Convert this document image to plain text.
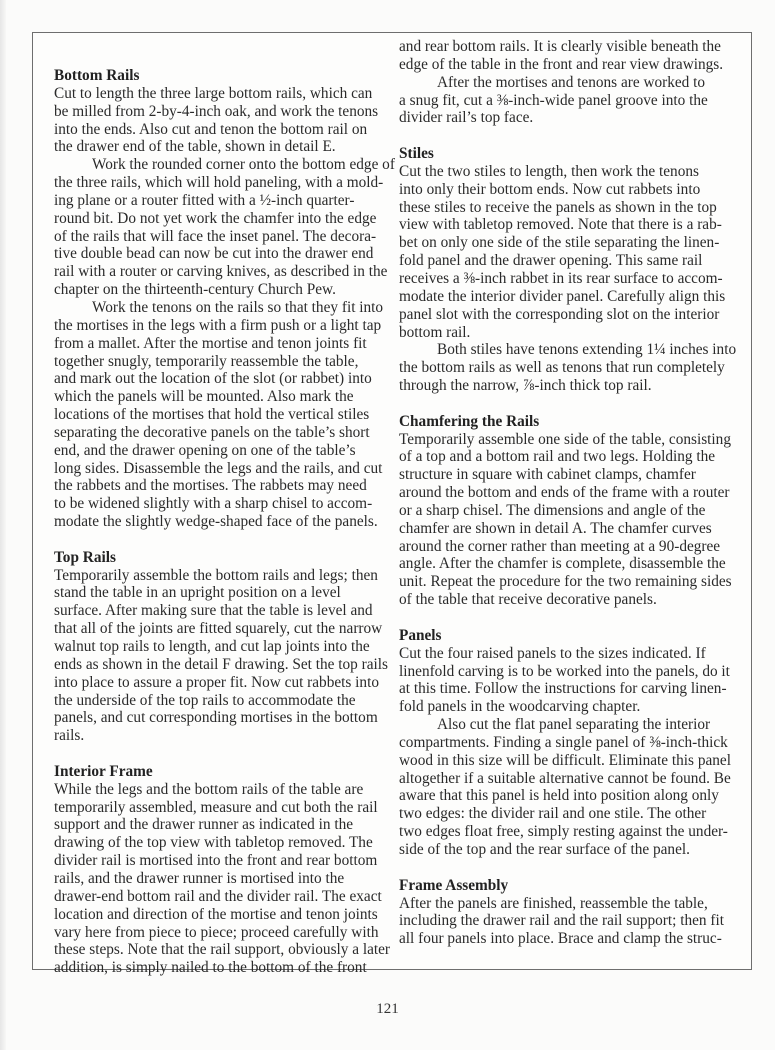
Bottom Rails
Cut to length the three large bottom rails, which can
be milled from 2-by-4-inch oak, and work the tenons
into the ends. Also cut and tenon the bottom rail on
the drawer end of the table, shown in detail E.
Work the rounded corner onto the bottom edge of
the three rails, which will hold paneling, with a mold-
ing plane or a router fitted with a ½-inch quarter-
round bit. Do not yet work the chamfer into the edge
of the rails that will face the inset panel. The decora-
tive double bead can now be cut into the drawer end
rail with a router or carving knives, as described in the
chapter on the thirteenth-century Church Pew.
Work the tenons on the rails so that they fit into
the mortises in the legs with a firm push or a light tap
from a mallet. After the mortise and tenon joints fit
together snugly, temporarily reassemble the table,
and mark out the location of the slot (or rabbet) into
which the panels will be mounted. Also mark the
locations of the mortises that hold the vertical stiles
separating the decorative panels on the table’s short
end, and the drawer opening on one of the table’s
long sides. Disassemble the legs and the rails, and cut
the rabbets and the mortises. The rabbets may need
to be widened slightly with a sharp chisel to accom-
modate the slightly wedge-shaped face of the panels.
Top Rails
Temporarily assemble the bottom rails and legs; then
stand the table in an upright position on a level
surface. After making sure that the table is level and
that all of the joints are fitted squarely, cut the narrow
walnut top rails to length, and cut lap joints into the
ends as shown in the detail F drawing. Set the top rails
into place to assure a proper fit. Now cut rabbets into
the underside of the top rails to accommodate the
panels, and cut corresponding mortises in the bottom
rails.
Interior Frame
While the legs and the bottom rails of the table are
temporarily assembled, measure and cut both the rail
support and the drawer runner as indicated in the
drawing of the top view with tabletop removed. The
divider rail is mortised into the front and rear bottom
rails, and the drawer runner is mortised into the
drawer-end bottom rail and the divider rail. The exact
location and direction of the mortise and tenon joints
vary here from piece to piece; proceed carefully with
these steps. Note that the rail support, obviously a later
addition, is simply nailed to the bottom of the front
and rear bottom rails. It is clearly visible beneath the
edge of the table in the front and rear view drawings.
After the mortises and tenons are worked to
a snug fit, cut a ⅜-inch-wide panel groove into the
divider rail’s top face.
Stiles
Cut the two stiles to length, then work the tenons
into only their bottom ends. Now cut rabbets into
these stiles to receive the panels as shown in the top
view with tabletop removed. Note that there is a rab-
bet on only one side of the stile separating the linen-
fold panel and the drawer opening. This same rail
receives a ⅜-inch rabbet in its rear surface to accom-
modate the interior divider panel. Carefully align this
panel slot with the corresponding slot on the interior
bottom rail.
Both stiles have tenons extending 1¼ inches into
the bottom rails as well as tenons that run completely
through the narrow, ⅞-inch thick top rail.
Chamfering the Rails
Temporarily assemble one side of the table, consisting
of a top and a bottom rail and two legs. Holding the
structure in square with cabinet clamps, chamfer
around the bottom and ends of the frame with a router
or a sharp chisel. The dimensions and angle of the
chamfer are shown in detail A. The chamfer curves
around the corner rather than meeting at a 90-degree
angle. After the chamfer is complete, disassemble the
unit. Repeat the procedure for the two remaining sides
of the table that receive decorative panels.
Panels
Cut the four raised panels to the sizes indicated. If
linenfold carving is to be worked into the panels, do it
at this time. Follow the instructions for carving linen-
fold panels in the woodcarving chapter.
Also cut the flat panel separating the interior
compartments. Finding a single panel of ⅜-inch-thick
wood in this size will be difficult. Eliminate this panel
altogether if a suitable alternative cannot be found. Be
aware that this panel is held into position along only
two edges: the divider rail and one stile. The other
two edges float free, simply resting against the under-
side of the top and the rear surface of the panel.
Frame Assembly
After the panels are finished, reassemble the table,
including the drawer rail and the rail support; then fit
all four panels into place. Brace and clamp the struc-
121
